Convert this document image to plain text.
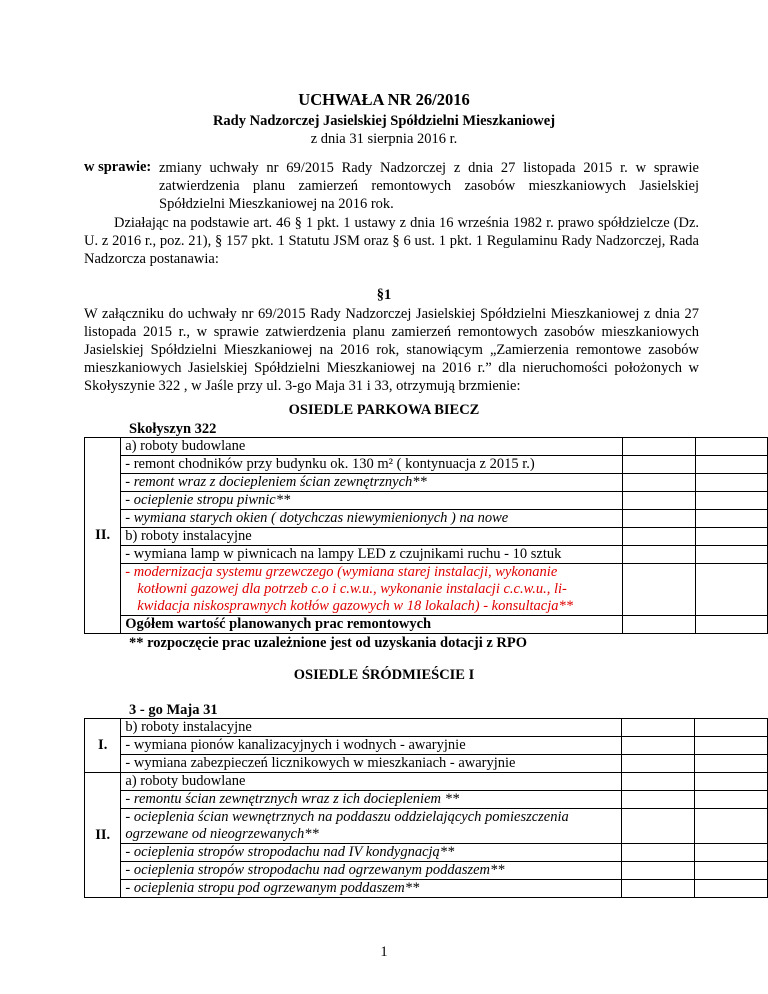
UCHWAŁA NR 26/2016
Rady Nadzorczej Jasielskiej Spółdzielni Mieszkaniowej
z dnia 31 sierpnia 2016 r.
w sprawie: zmiany uchwały nr 69/2015 Rady Nadzorczej z dnia 27 listopada 2015 r. w sprawie zatwierdzenia planu zamierzeń remontowych zasobów mieszkaniowych Jasielskiej Spółdzielni Mieszkaniowej na 2016 rok.
Działając na podstawie art. 46 § 1 pkt. 1 ustawy z dnia 16 września 1982 r. prawo spółdzielcze (Dz. U. z 2016 r., poz. 21), § 157 pkt. 1 Statutu JSM oraz § 6 ust. 1 pkt. 1 Regulaminu Rady Nadzorczej, Rada Nadzorcza postanawia:
§1
W załączniku do uchwały nr 69/2015 Rady Nadzorczej Jasielskiej Spółdzielni Mieszkaniowej z dnia 27 listopada 2015 r., w sprawie zatwierdzenia planu zamierzeń remontowych zasobów mieszkaniowych Jasielskiej Spółdzielni Mieszkaniowej na 2016 rok, stanowiącym „Zamierzenia remontowe zasobów mieszkaniowych Jasielskiej Spółdzielni Mieszkaniowej na 2016 r.” dla nieruchomości położonych w Skołyszynie 322 , w Jaśle przy ul. 3-go Maja 31 i 33, otrzymują brzmienie:
OSIEDLE PARKOWA BIECZ
Skołyszyn 322
II.	a) roboty budowlane		
	- remont chodników przy budynku ok. 130 m² ( kontynuacja z 2015 r.)		
	- remont wraz z dociepleniem ścian zewnętrznych**		
	- ocieplenie stropu piwnic**		
	- wymiana starych okien ( dotychczas niewymienionych ) na nowe		
	b) roboty instalacyjne		
	- wymiana lamp w piwnicach na lampy LED z czujnikami ruchu - 10 sztuk		

	- modernizacja systemu grzewczego (wymiana starej instalacji, wykonanie
kotłowni gazowej dla potrzeb c.o i c.w.u., wykonanie instalacji c.c.w.u., li-
kwidacja niskosprawnych kotłów gazowych w 18 lokalach) - konsultacja**		

	Ogółem wartość planowanych prac remontowych		
** rozpoczęcie prac uzależnione jest od uzyskania dotacji z RPO
OSIEDLE ŚRÓDMIEŚCIE I
3 - go Maja 31
I.	b) roboty instalacyjne		
	- wymiana pionów kanalizacyjnych i wodnych - awaryjnie		
	- wymiana zabezpieczeń licznikowych w mieszkaniach - awaryjnie		
II.	a) roboty budowlane		
	- remontu ścian zewnętrznych wraz z ich dociepleniem **		

	- ocieplenia ścian wewnętrznych na poddaszu oddzielających pomieszczenia
ogrzewane od nieogrzewanych**		

	- ocieplenia stropów stropodachu nad IV kondygnacją**		
	- ocieplenia stropów stropodachu nad ogrzewanym poddaszem**		
	- ocieplenia stropu pod ogrzewanym poddaszem**		
1
